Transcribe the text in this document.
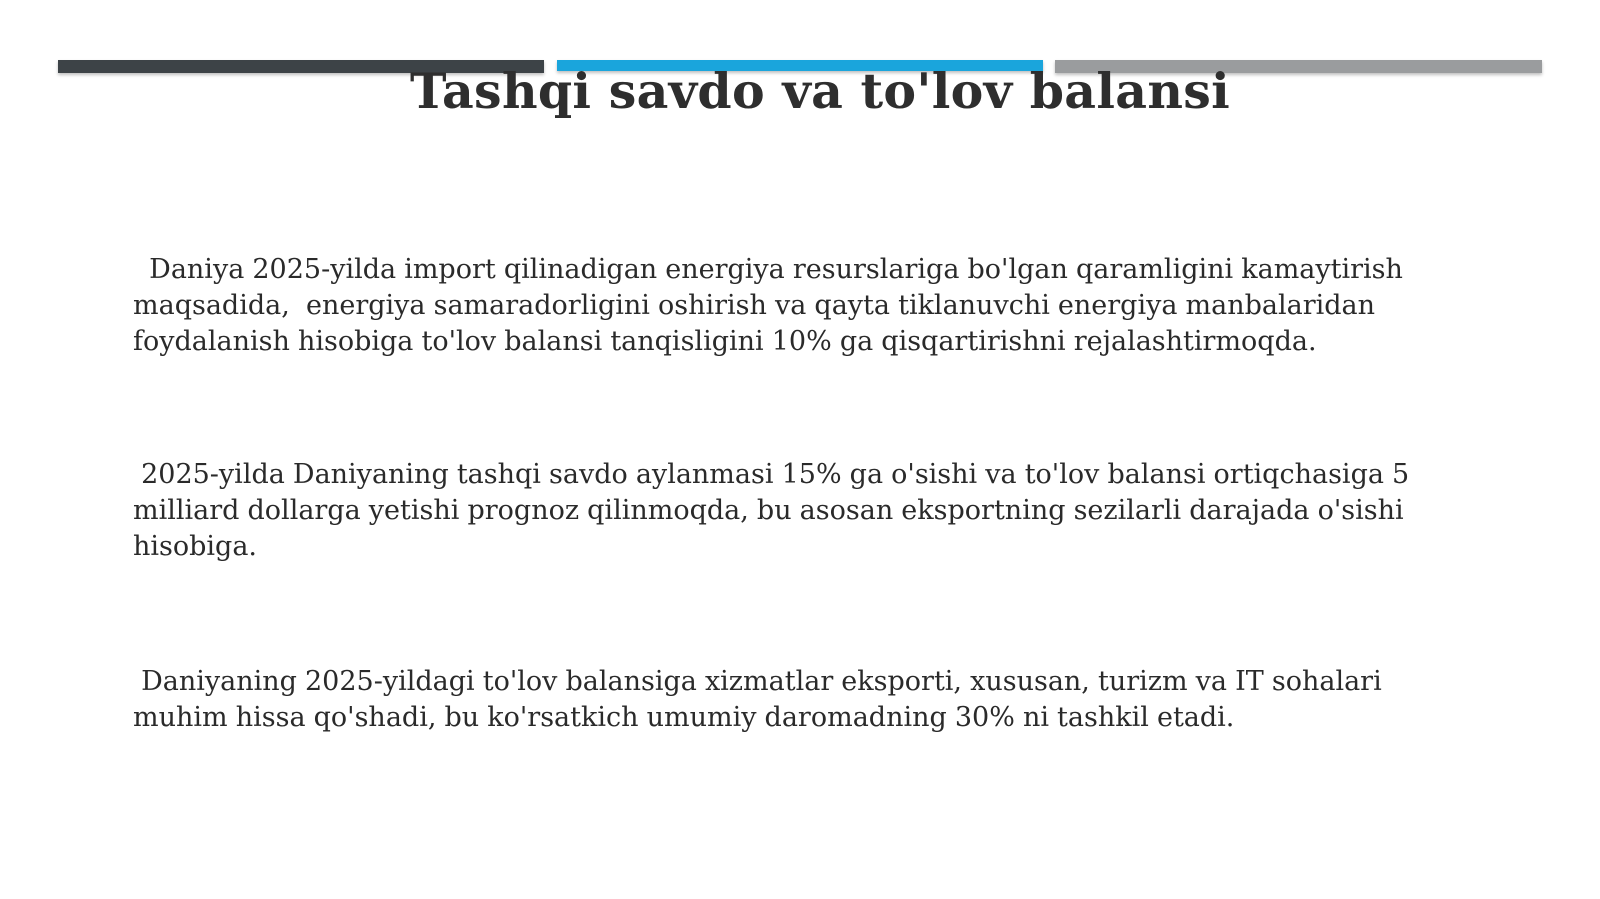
Tashqi savdo va to'lov balansi
Daniya 2025-yilda import qilinadigan energiya resurslariga bo'lgan qaramligini kamaytirish maqsadida,  energiya samaradorligini oshirish va qayta tiklanuvchi energiya manbalaridan foydalanish hisobiga to'lov balansi tanqisligini 10% ga qisqartirishni rejalashtirmoqda.
2025-yilda Daniyaning tashqi savdo aylanmasi 15% ga o'sishi va to'lov balansi ortiqchasiga 5 milliard dollarga yetishi prognoz qilinmoqda, bu asosan eksportning sezilarli darajada o'sishi hisobiga.
Daniyaning 2025-yildagi to'lov balansiga xizmatlar eksporti, xususan, turizm va IT sohalari muhim hissa qo'shadi, bu ko'rsatkich umumiy daromadning 30% ni tashkil etadi.
